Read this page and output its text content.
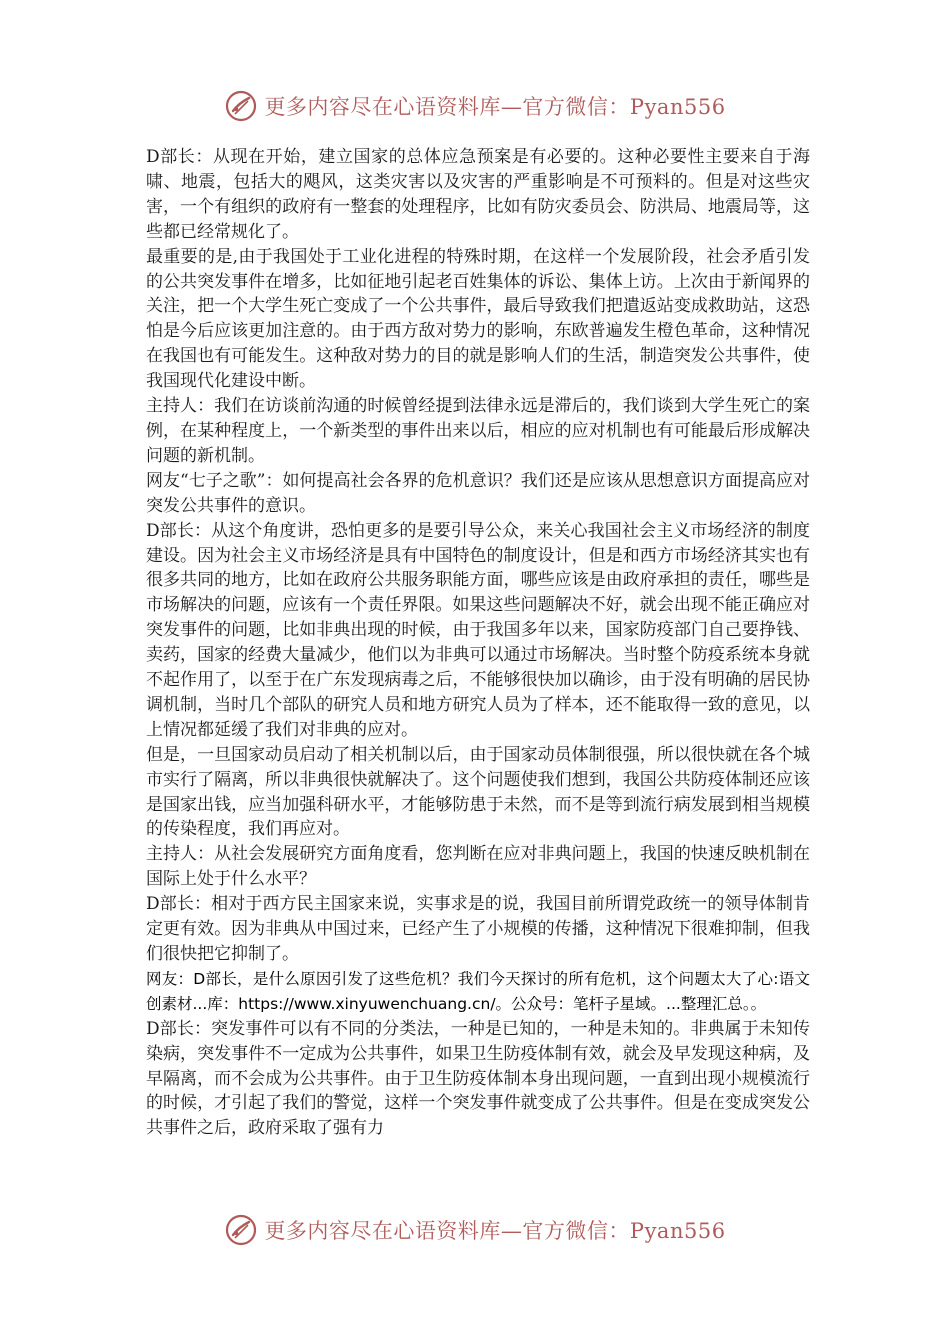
更多内容尽在心语资料库—官方微信：Pyan556

D部长：从现在开始，建立国家的总体应急预案是有必要的。这种必要性主要来自于海啸、地震，包括大的飓风，这类灾害以及灾害的严重影响是不可预料的。但是对这些灾害，一个有组织的政府有一整套的处理程序，比如有防灾委员会、防洪局、地震局等，这些都已经常规化了。

最重要的是,由于我国处于工业化进程的特殊时期，在这样一个发展阶段，社会矛盾引发的公共突发事件在增多，比如征地引起老百姓集体的诉讼、集体上访。上次由于新闻界的关注，把一个大学生死亡变成了一个公共事件，最后导致我们把遣返站变成救助站，这恐怕是今后应该更加注意的。由于西方敌对势力的影响，东欧普遍发生橙色革命，这种情况在我国也有可能发生。这种敌对势力的目的就是影响人们的生活，制造突发公共事件，使我国现代化建设中断。

主持人：我们在访谈前沟通的时候曾经提到法律永远是滞后的，我们谈到大学生死亡的案例，在某种程度上，一个新类型的事件出来以后，相应的应对机制也有可能最后形成解决问题的新机制。

网友“七子之歌”：如何提高社会各界的危机意识？我们还是应该从思想意识方面提高应对突发公共事件的意识。

D部长：从这个角度讲，恐怕更多的是要引导公众，来关心我国社会主义市场经济的制度建设。因为社会主义市场经济是具有中国特色的制度设计，但是和西方市场经济其实也有很多共同的地方，比如在政府公共服务职能方面，哪些应该是由政府承担的责任，哪些是市场解决的问题，应该有一个责任界限。如果这些问题解决不好，就会出现不能正确应对突发事件的问题，比如非典出现的时候，由于我国多年以来，国家防疫部门自己要挣钱、卖药，国家的经费大量减少，他们以为非典可以通过市场解决。当时整个防疫系统本身就不起作用了，以至于在广东发现病毒之后，不能够很快加以确诊，由于没有明确的居民协调机制，当时几个部队的研究人员和地方研究人员为了样本，还不能取得一致的意见，以上情况都延缓了我们对非典的应对。

但是，一旦国家动员启动了相关机制以后，由于国家动员体制很强，所以很快就在各个城市实行了隔离，所以非典很快就解决了。这个问题使我们想到，我国公共防疫体制还应该是国家出钱，应当加强科研水平，才能够防患于未然，而不是等到流行病发展到相当规模的传染程度，我们再应对。

主持人：从社会发展研究方面角度看，您判断在应对非典问题上，我国的快速反映机制在国际上处于什么水平？

D部长：相对于西方民主国家来说，实事求是的说，我国目前所谓党政统一的领导体制肯定更有效。因为非典从中国过来，已经产生了小规模的传播，这种情况下很难抑制，但我们很快把它抑制了。

网友：D部长，是什么原因引发了这些危机？我们今天探讨的所有危机，这个问题太大了心:语文创素材...库：https://www.xinyuwenchuang.cn/。公众号：笔杆子星域。...整理汇总。。

D部长：突发事件可以有不同的分类法，一种是已知的，一种是未知的。非典属于未知传染病，突发事件不一定成为公共事件，如果卫生防疫体制有效，就会及早发现这种病，及早隔离，而不会成为公共事件。由于卫生防疫体制本身出现问题，一直到出现小规模流行的时候，才引起了我们的警觉，这样一个突发事件就变成了公共事件。但是在变成突发公共事件之后，政府采取了强有力

更多内容尽在心语资料库—官方微信：Pyan556
